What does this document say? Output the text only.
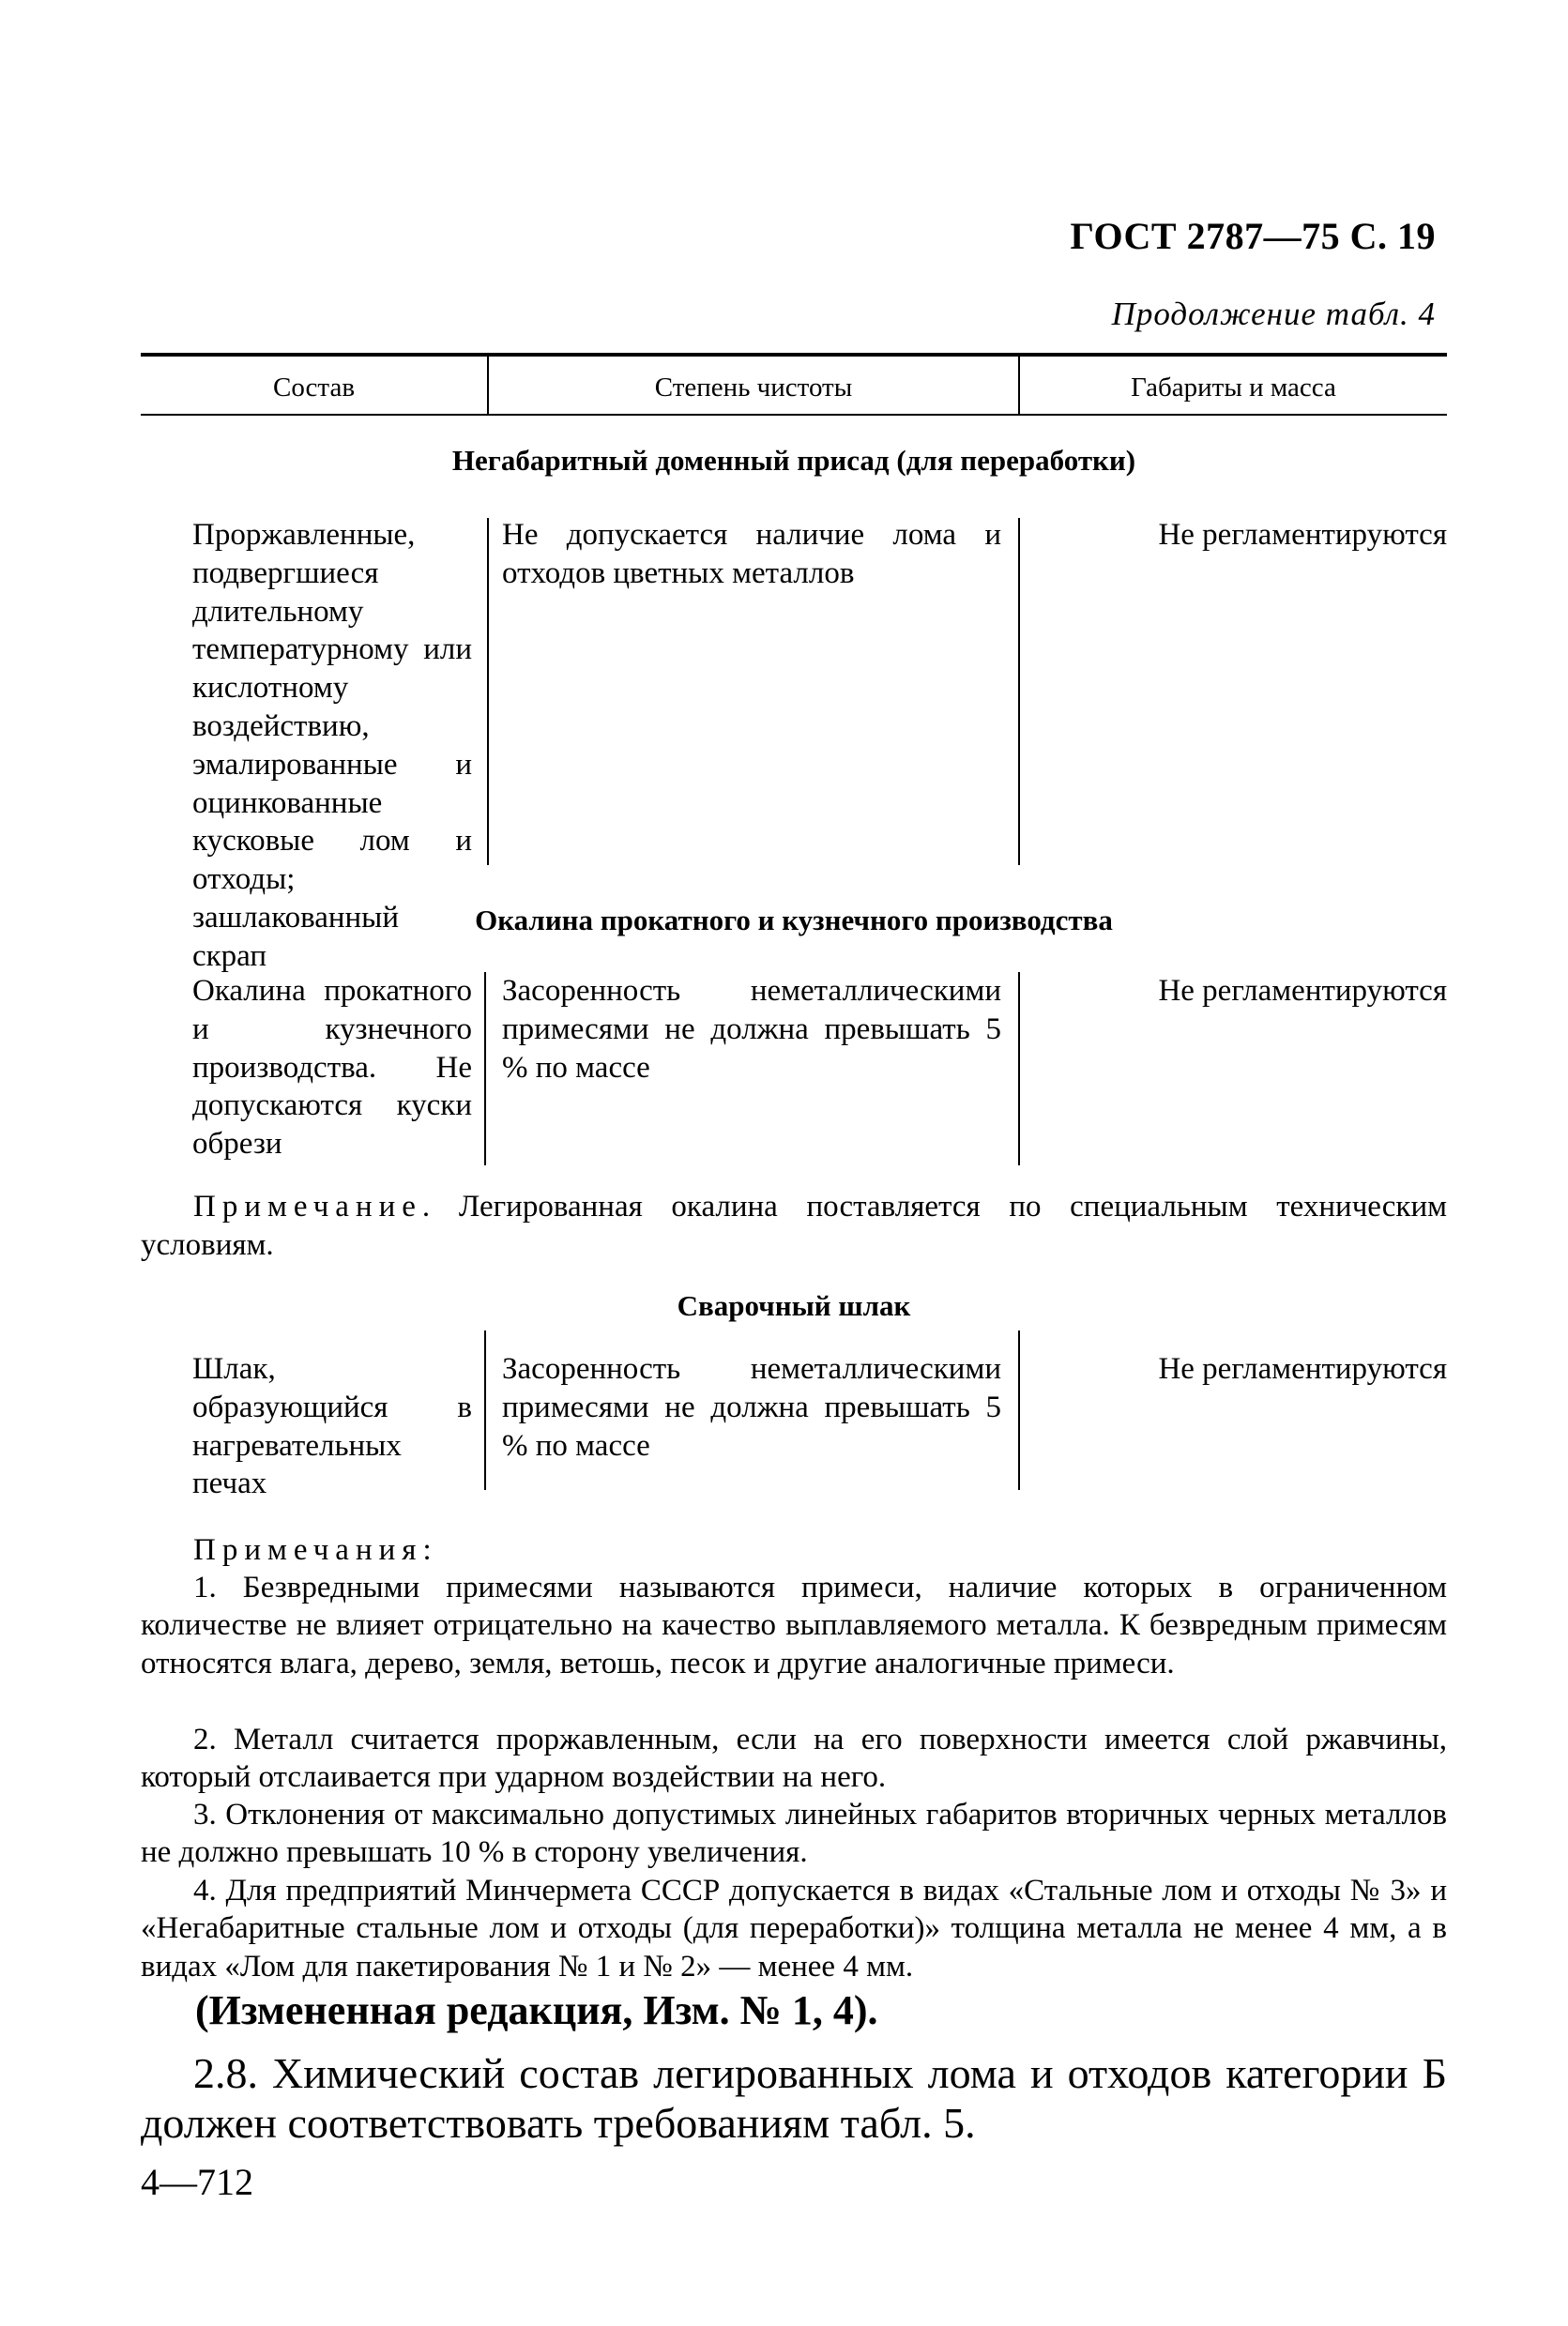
ГОСТ 2787—75 С. 19
Продолжение табл. 4
Состав	Степень чистоты	Габариты и масса
Негабаритный доменный присад (для переработки)
Проржавленные, подвергшиеся длительному температурному или кислотному воздействию, эмалированные и оцинкованные кусковые лом и отходы; зашлакованный скрап
Не допускается наличие лома и отходов цветных металлов
Не регламентируются
Окалина прокатного и кузнечного производства
Окалина прокатного и кузнечного производства. Не допускаются куски обрези
Засоренность неметаллическими примесями не должна превышать 5 % по массе
Не регламентируются
Примечание. Легированная окалина поставляется по специальным техническим условиям.
Сварочный шлак
Шлак, образующийся в нагревательных печах
Засоренность неметаллическими примесями не должна превышать 5 % по массе
Не регламентируются
Примечания:
1. Безвредными примесями называются примеси, наличие которых в ограниченном количестве не влияет отрицательно на качество выплавляемого металла. К безвредным примесям относятся влага, дерево, земля, ветошь, песок и другие аналогичные примеси.
2. Металл считается проржавленным, если на его поверхности имеется слой ржавчины, который отслаивается при ударном воздействии на него.
3. Отклонения от максимально допустимых линейных габаритов вторичных черных металлов не должно превышать 10 % в сторону увеличения.
4. Для предприятий Минчермета СССР допускается в видах «Стальные лом и отходы № 3» и «Негабаритные стальные лом и отходы (для переработки)» толщина металла не менее 4 мм, а в видах «Лом для пакетирования № 1 и № 2» — менее 4 мм.
(Измененная редакция, Изм. № 1, 4).
2.8. Химический состав легированных лома и отходов категории Б должен соответствовать требованиям табл. 5.
4—712
